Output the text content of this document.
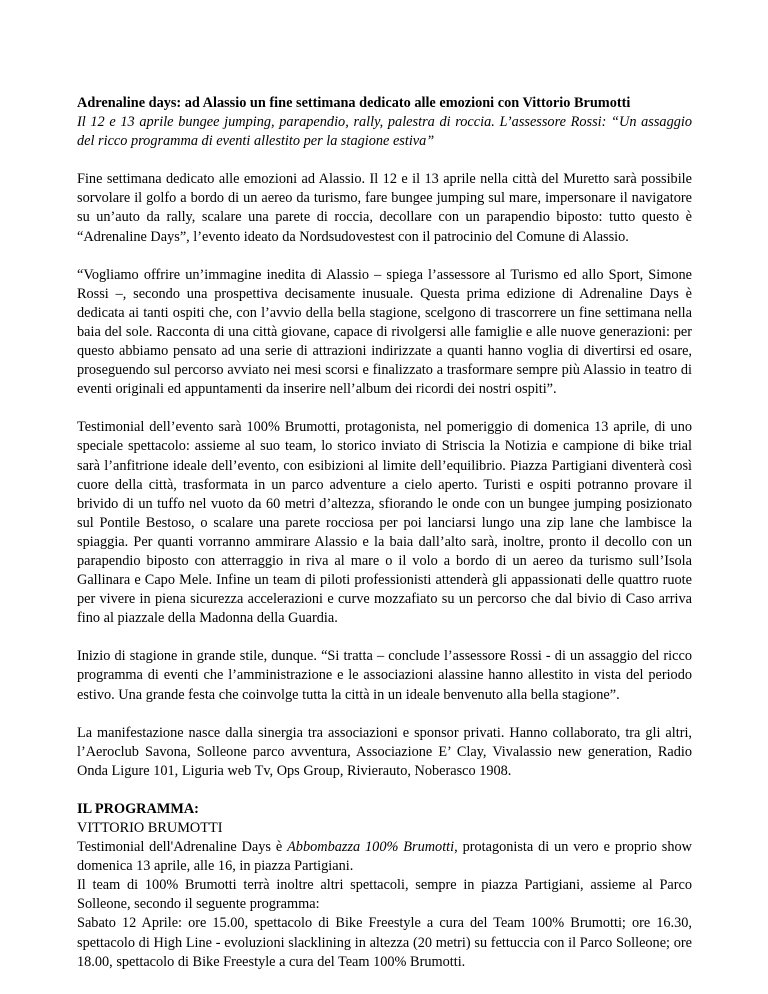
Adrenaline days: ad Alassio un fine settimana dedicato alle emozioni con Vittorio Brumotti

Il 12 e 13 aprile bungee jumping, parapendio, rally, palestra di roccia. L’assessore Rossi: “Un assaggio del ricco programma di eventi allestito per la stagione estiva”

Fine settimana dedicato alle emozioni ad Alassio. Il 12 e il 13 aprile nella città del Muretto sarà possibile sorvolare il golfo a bordo di un aereo da turismo, fare bungee jumping sul mare, impersonare il navigatore su un’auto da rally, scalare una parete di roccia, decollare con un parapendio biposto: tutto questo è “Adrenaline Days”, l’evento ideato da Nordsudovestest con il patrocinio del Comune di Alassio.

“Vogliamo offrire un’immagine inedita di Alassio – spiega l’assessore al Turismo ed allo Sport, Simone Rossi –, secondo una prospettiva decisamente inusuale. Questa prima edizione di Adrenaline Days è dedicata ai tanti ospiti che, con l’avvio della bella stagione, scelgono di trascorrere un fine settimana nella baia del sole. Racconta di una città giovane, capace di rivolgersi alle famiglie e alle nuove generazioni: per questo abbiamo pensato ad una serie di attrazioni indirizzate a quanti hanno voglia di divertirsi ed osare, proseguendo sul percorso avviato nei mesi scorsi e finalizzato a trasformare sempre più Alassio in teatro di eventi originali ed appuntamenti da inserire nell’album dei ricordi dei nostri ospiti”.

Testimonial dell’evento sarà 100% Brumotti, protagonista, nel pomeriggio di domenica 13 aprile, di uno speciale spettacolo: assieme al suo team, lo storico inviato di Striscia la Notizia e campione di bike trial sarà l’anfitrione ideale dell’evento, con esibizioni al limite dell’equilibrio. Piazza Partigiani diventerà così cuore della città, trasformata in un parco adventure a cielo aperto. Turisti e ospiti potranno provare il brivido di un tuffo nel vuoto da 60 metri d’altezza, sfiorando le onde con un bungee jumping posizionato sul Pontile Bestoso, o scalare una parete rocciosa per poi lanciarsi lungo una zip lane che lambisce la spiaggia. Per quanti vorranno ammirare Alassio e la baia dall’alto sarà, inoltre, pronto il decollo con un parapendio biposto con atterraggio in riva al mare o il volo a bordo di un aereo da turismo sull’Isola Gallinara e Capo Mele. Infine un team di piloti professionisti attenderà gli appassionati delle quattro ruote per vivere in piena sicurezza accelerazioni e curve mozzafiato su un percorso che dal bivio di Caso arriva fino al piazzale della Madonna della Guardia.

Inizio di stagione in grande stile, dunque. “Si tratta – conclude l’assessore Rossi - di un assaggio del ricco programma di eventi che l’amministrazione e le associazioni alassine hanno allestito in vista del periodo estivo. Una grande festa che coinvolge tutta la città in un ideale benvenuto alla bella stagione”.

La manifestazione nasce dalla sinergia tra associazioni e sponsor privati. Hanno collaborato, tra gli altri, l’Aeroclub Savona, Solleone parco avventura, Associazione E’ Clay, Vivalassio new generation, Radio Onda Ligure 101, Liguria web Tv, Ops Group, Rivierauto, Noberasco 1908.

IL PROGRAMMA:

VITTORIO BRUMOTTI

Testimonial dell'Adrenaline Days è Abbombazza 100% Brumotti, protagonista di un vero e proprio show domenica 13 aprile, alle 16, in piazza Partigiani.

Il team di 100% Brumotti terrà inoltre altri spettacoli, sempre in piazza Partigiani, assieme al Parco Solleone, secondo il seguente programma:

Sabato 12 Aprile: ore 15.00, spettacolo di Bike Freestyle a cura del Team 100% Brumotti; ore 16.30, spettacolo di High Line - evoluzioni slacklining in altezza (20 metri) su fettuccia con il Parco Solleone; ore 18.00, spettacolo di Bike Freestyle a cura del Team 100% Brumotti.
